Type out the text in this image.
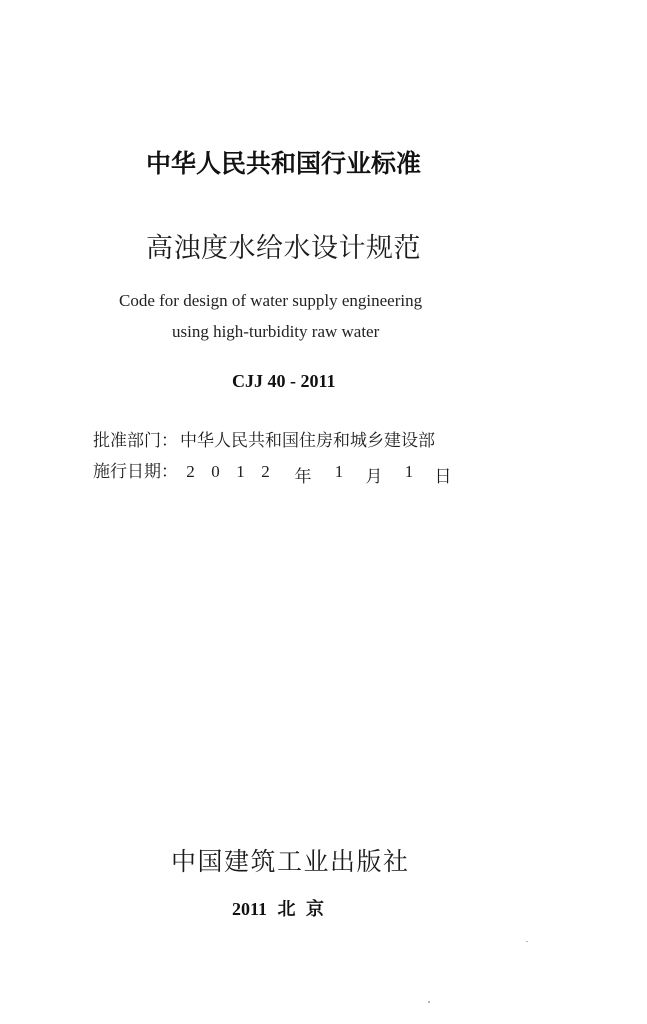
中华人民共和国行业标准
高浊度水给水设计规范
Code for design of water supply engineering
using high-turbidity raw water
CJJ 40 - 2011
批准部门： 中华人民共和国住房和城乡建设部
施行日期： 2 0 1 2	年	1	月	1	日
中国建筑工业出版社
2011 北 京
